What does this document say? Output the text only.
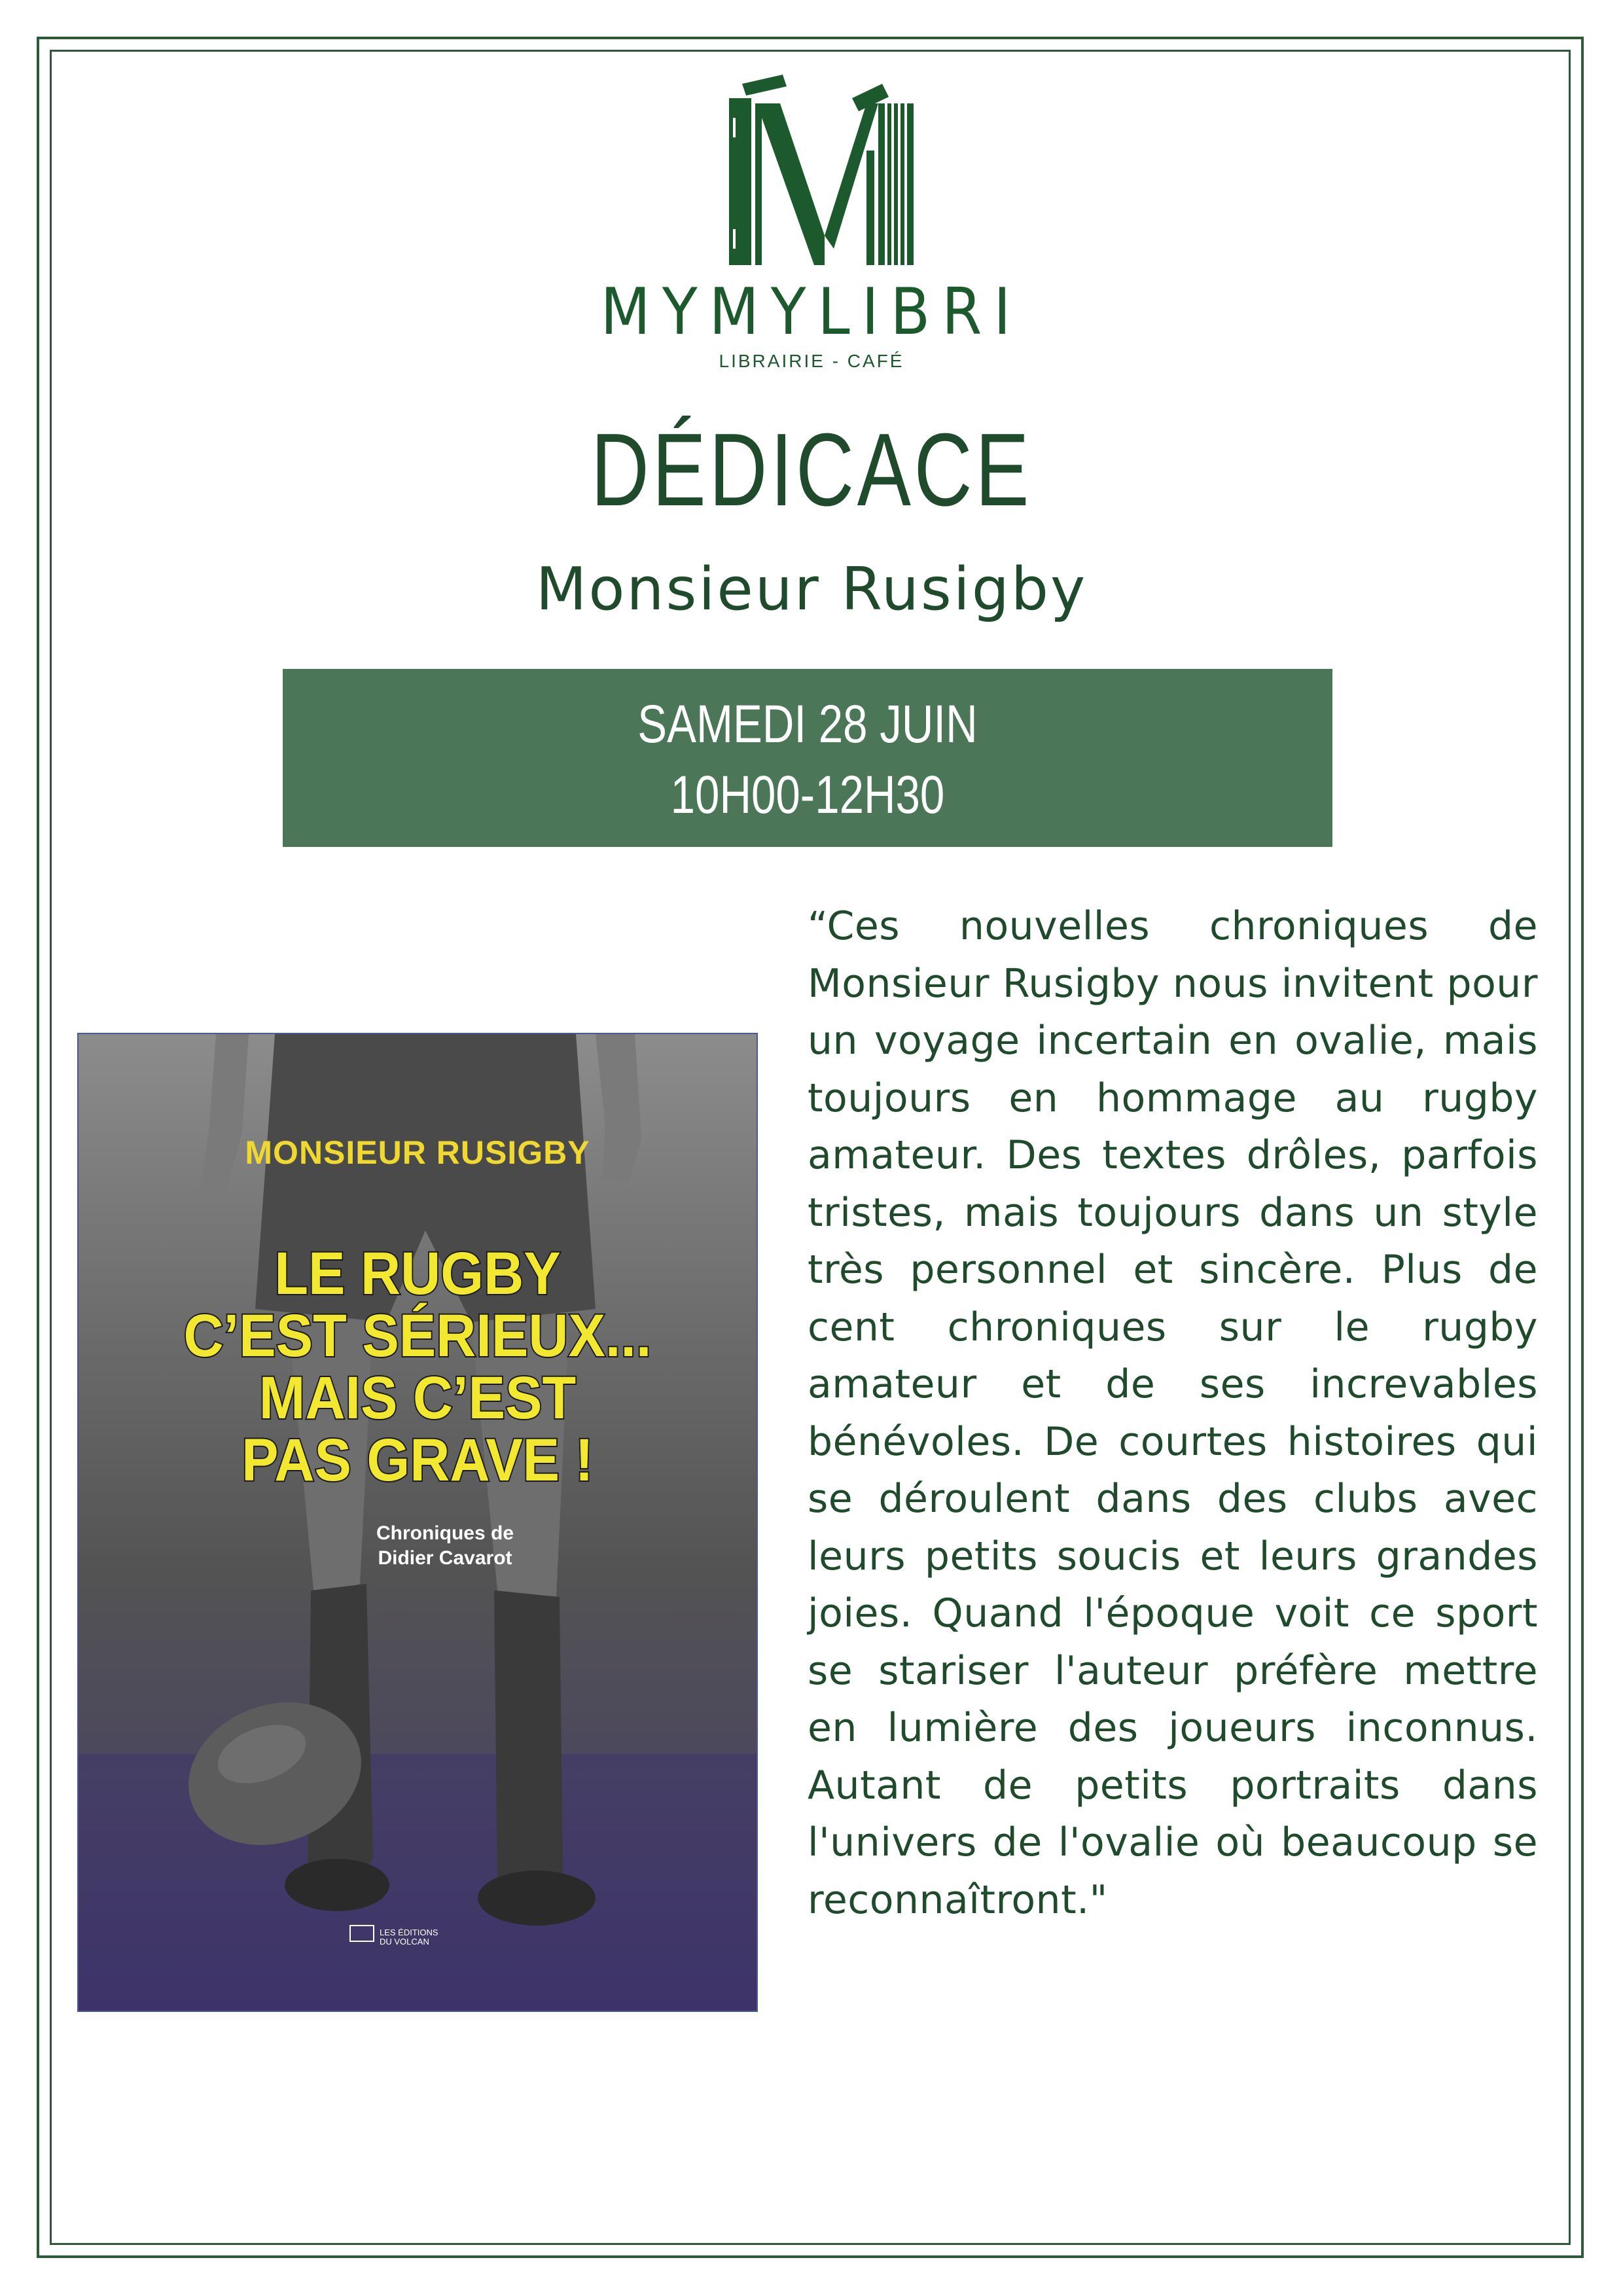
MYMYLIBRI
LIBRAIRIE - CAFÉ
DÉDICACE
Monsieur Rusigby
SAMEDI 28 JUIN
10H00-12H30
MONSIEUR RUSIGBY
LE RUGBY
C’EST SÉRIEUX...
MAIS C’EST
PAS GRAVE !
Chroniques de
Didier Cavarot
LES ÉDITIONS
DU VOLCAN
“Ces nouvelles chroniques de Monsieur Rusigby nous invitent pour un voyage incertain en ovalie, mais toujours en hommage au rugby amateur. Des textes drôles, parfois tristes, mais toujours dans un style très personnel et sincère. Plus de cent chroniques sur le rugby amateur et de ses increvables bénévoles. De courtes histoires qui se déroulent dans des clubs avec leurs petits soucis et leurs grandes joies. Quand l'époque voit ce sport se stariser l'auteur préfère mettre en lumière des joueurs inconnus. Autant de petits portraits dans l'univers de l'ovalie où beaucoup se reconnaîtront."
